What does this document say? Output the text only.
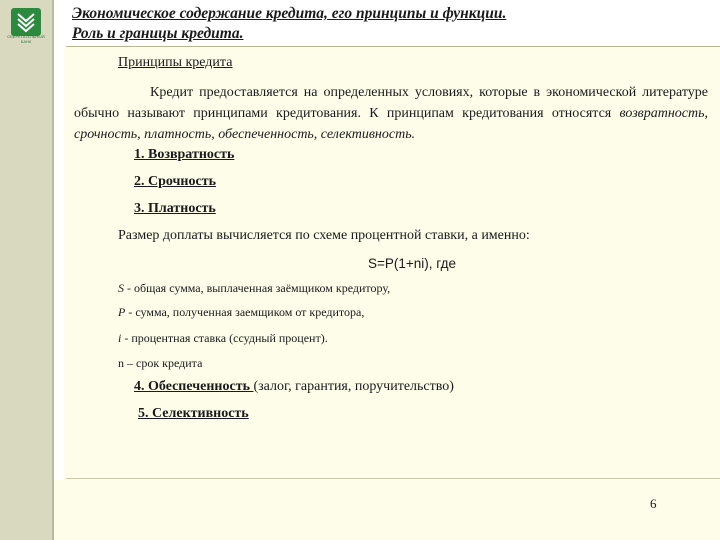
СБЕРЕГАТЕЛЬНЫЙ БАНК
Экономическое содержание кредита, его принципы и функции.
Роль и границы кредита.

Принципы кредита

Кредит предоставляется на определенных условиях, которые в экономической литературе обычно называют принципами кредитования. К принципам кредитования относятся возвратность, срочность, платность, обеспеченность, селективность.

1. Возвратность

2. Срочность

3. Платность

Размер доплаты вычисляется по схеме процентной ставки, а именно:

S=P(1+ni), где

S - общая сумма, выплаченная заёмщиком кредитору,

P - сумма, полученная заемщиком от кредитора,

i - процентная ставка (ссудный процент).

n – срок кредита

4. Обеспеченность (залог, гарантия, поручительство)

5. Селективность

6
